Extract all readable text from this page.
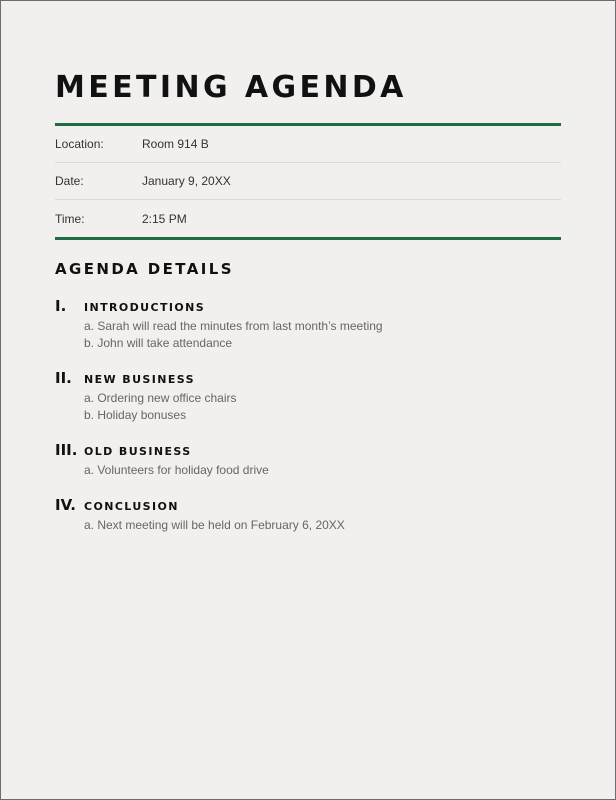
MEETING AGENDA
Location:	Room 914 B
Date:	January 9, 20XX
Time:	2:15 PM
AGENDA DETAILS
I. INTRODUCTIONS
a. Sarah will read the minutes from last month’s meeting
b. John will take attendance
II. NEW BUSINESS
a. Ordering new office chairs
b. Holiday bonuses
III. OLD BUSINESS
a. Volunteers for holiday food drive
IV. CONCLUSION
a. Next meeting will be held on February 6, 20XX
